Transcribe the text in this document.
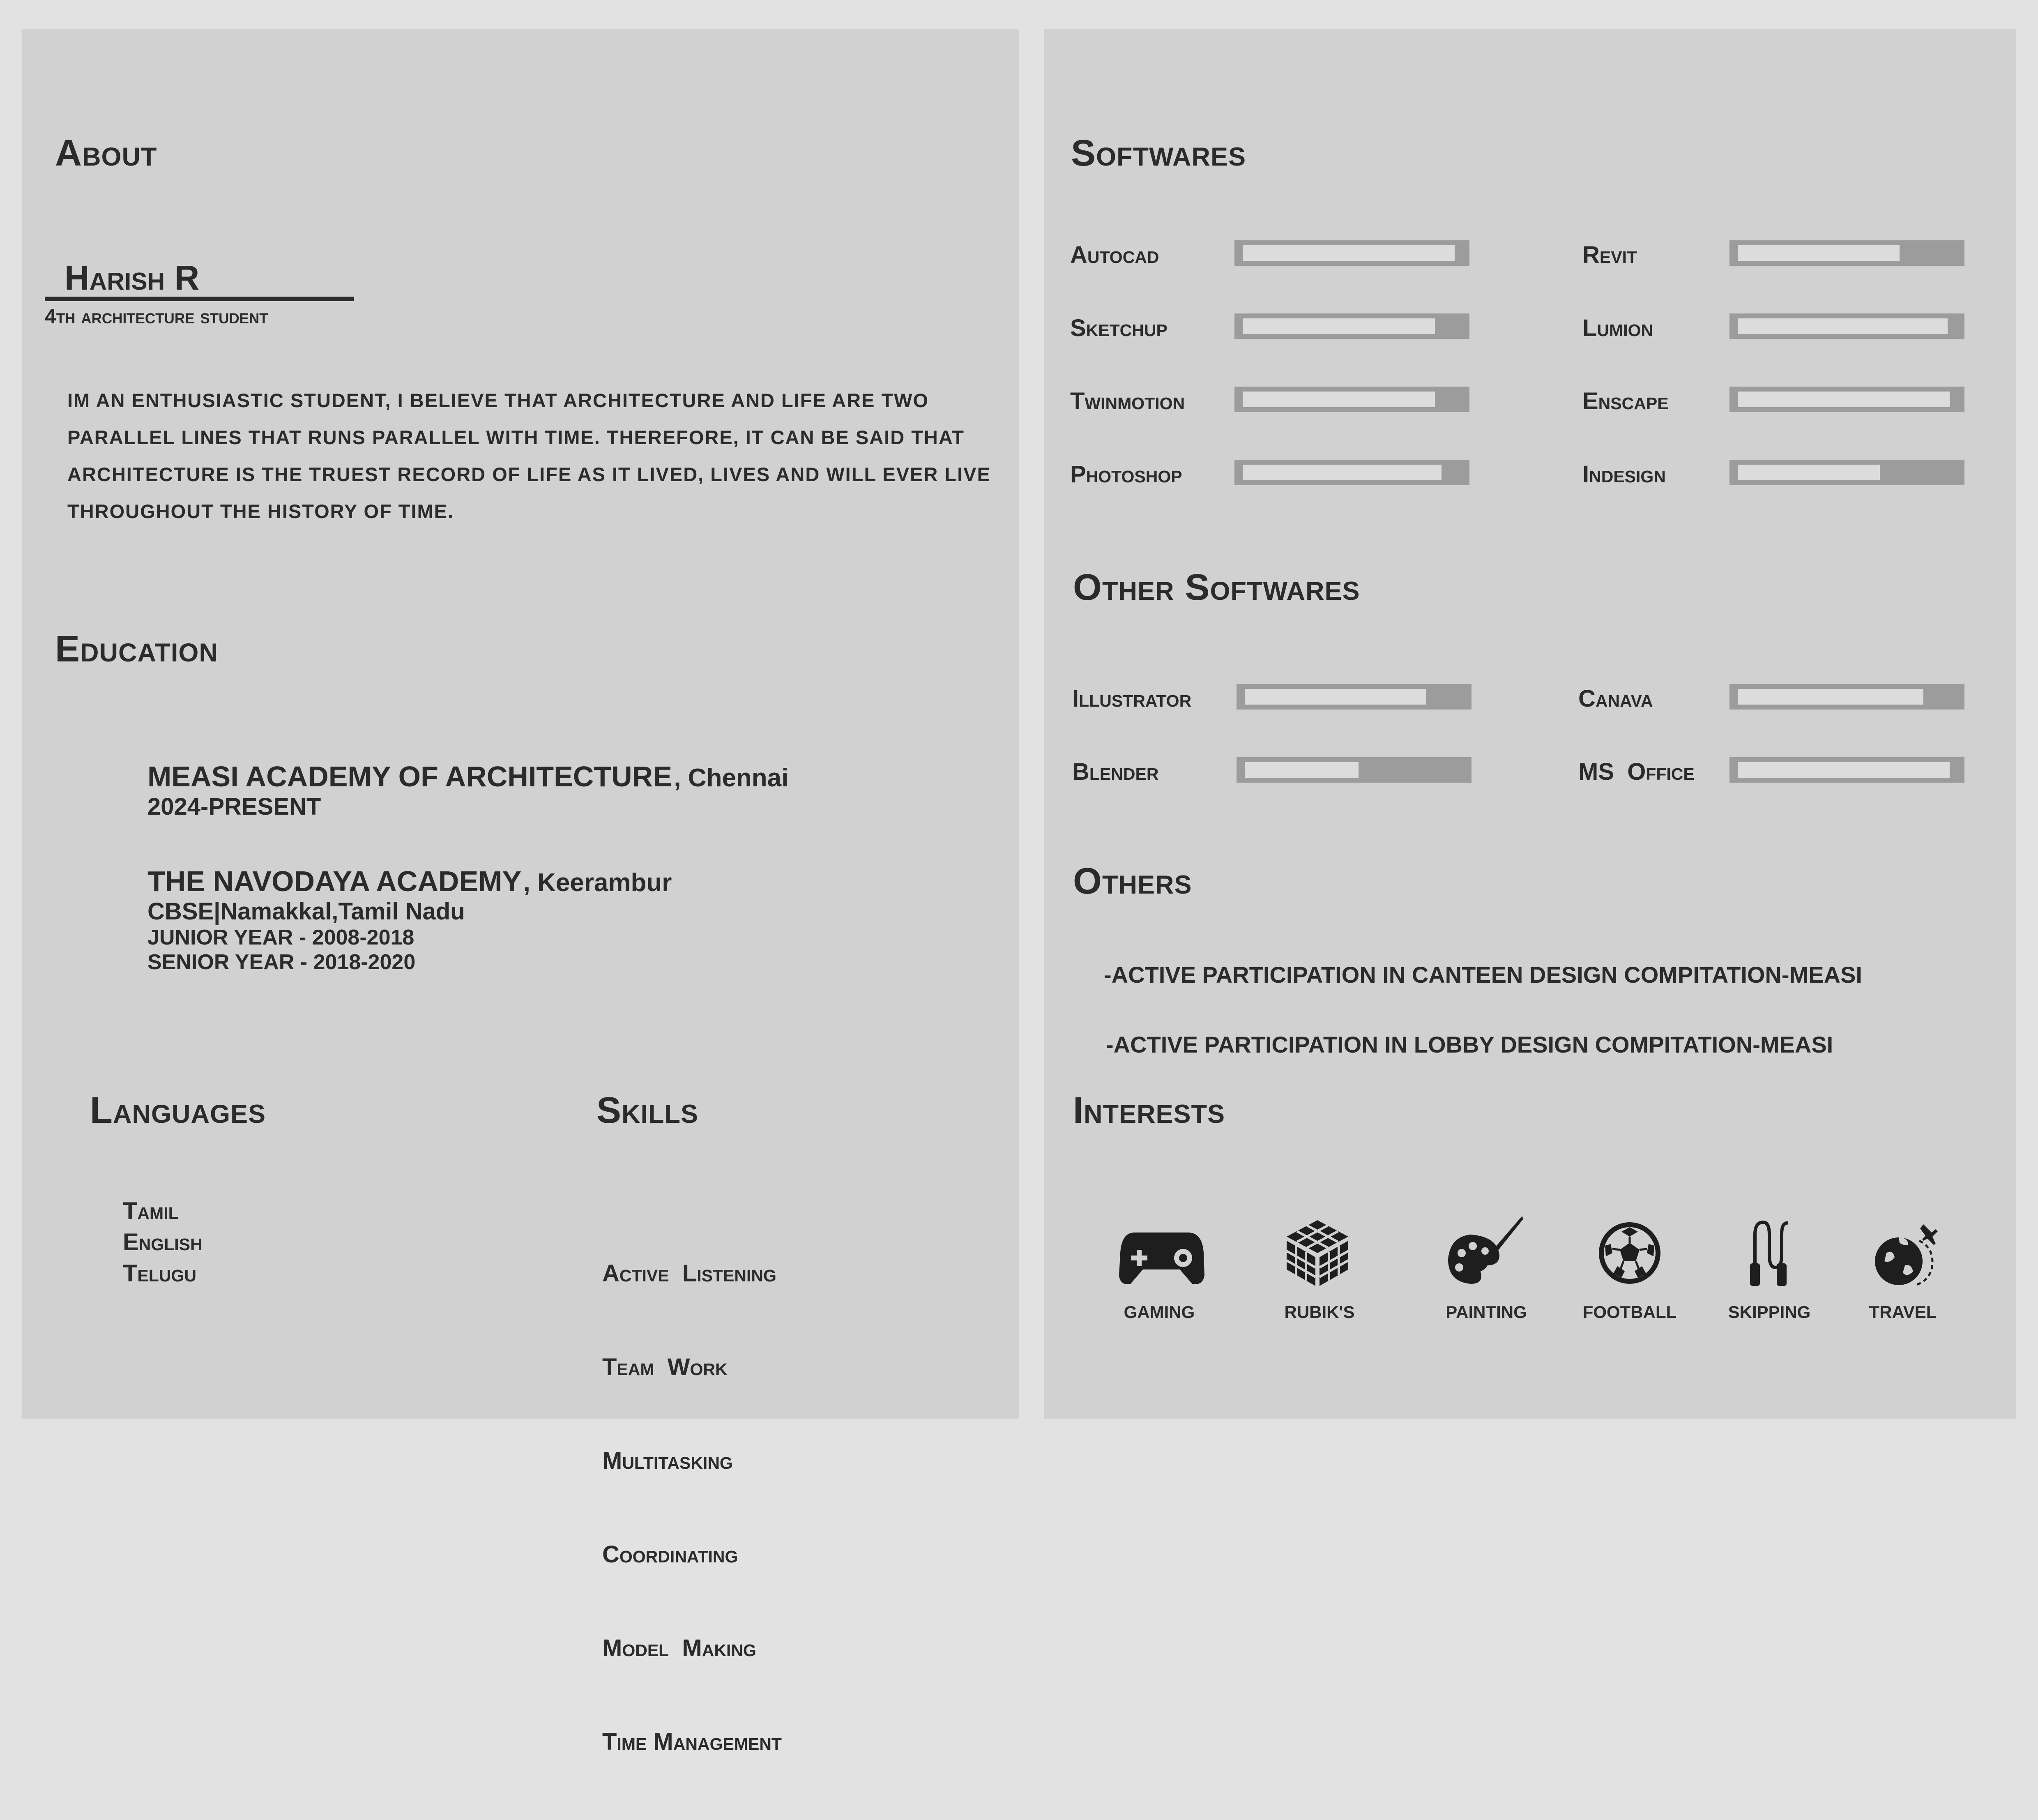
About
Harish R
4th architecture student
IM AN ENTHUSIASTIC STUDENT, I BELIEVE THAT ARCHITECTURE AND LIFE ARE TWO PARALLEL LINES THAT RUNS PARALLEL WITH TIME. THEREFORE, IT CAN BE SAID THAT ARCHITECTURE IS THE TRUEST RECORD OF LIFE AS IT LIVED, LIVES AND WILL EVER LIVE THROUGHOUT THE HISTORY OF TIME.
Education
MEASI ACADEMY OF ARCHITECTURE , Chennai
2024-PRESENT
THE NAVODAYA ACADEMY , Keerambur
CBSE|Namakkal,Tamil Nadu
JUNIOR YEAR - 2008-2018
SENIOR YEAR - 2018-2020
Languages
Tamil
English
Telugu
Skills

Active  Listening

Team  Work

Multitasking

Coordinating

Model  Making

Time Management

Softwares
Autocad	Revit
Sketchup	Lumion
Twinmotion	Enscape
Photoshop	Indesign
Other Softwares
Illustrator	Canava
Blender	MS  Office
Others
-ACTIVE PARTICIPATION IN CANTEEN DESIGN COMPITATION-MEASI
-ACTIVE PARTICIPATION IN LOBBY DESIGN COMPITATION-MEASI
Interests
GAMING	RUBIK'S	PAINTING	FOOTBALL	SKIPPING	TRAVEL
